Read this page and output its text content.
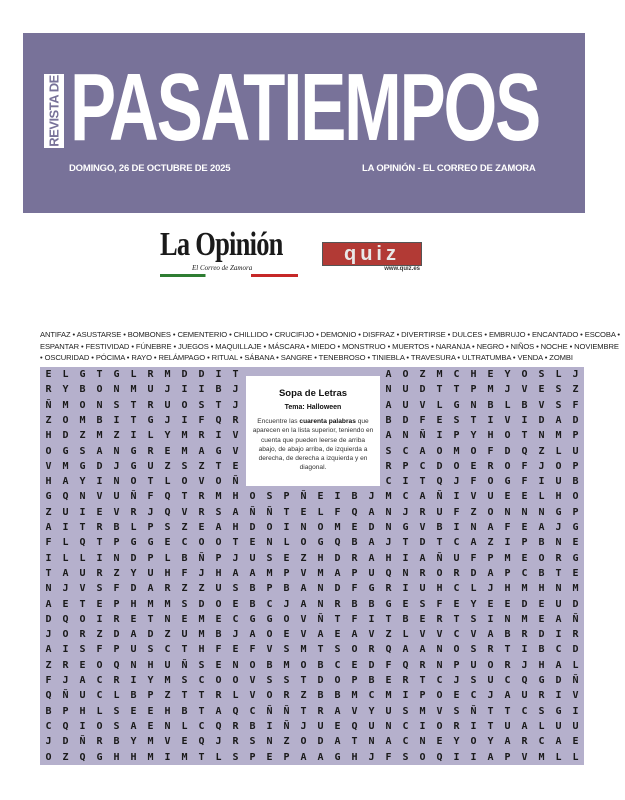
REVISTA DE PASATIEMPOS
DOMINGO, 26 DE OCTUBRE DE 2025	LA OPINIÓN - EL CORREO DE ZAMORA
La Opinión
El Correo de Zamora
quiz
www.quiz.es
ANTIFAZ • ASUSTARSE • BOMBONES • CEMENTERIO • CHILLIDO • CRUCIFIJO • DEMONIO • DISFRAZ • DIVERTIRSE • DULCES • EMBRUJO • ENCANTADO • ESCOBA •
ESPANTAR • FESTIVIDAD • FÚNEBRE • JUEGOS • MAQUILLAJE • MÁSCARA • MIEDO • MONSTRUO • MUERTOS • NARANJA • NEGRO • NIÑOS • NOCHE • NOVIEMBRE
• OSCURIDAD • PÓCIMA • RAYO • RELÁMPAGO • RITUAL • SÁBANA • SANGRE • TENEBROSO • TINIEBLA • TRAVESURA • ULTRATUMBA • VENDA • ZOMBI
E	L	G	T	G	L	R	M	D	D	I	T	A	O	Z	M	C	H	E	Y	O	S	L	J
R	Y	B	O	N	M	U	J	I	I	B	J	N	U	D	T	T	P	M	J	V	E	S	Z
Ñ	M	O	N	S	T	R	U	O	S	T	J	A	U	V	L	G	N	B	L	B	V	S	F
Z	O	M	B	I	T	G	J	I	F	Q	R	B	D	F	E	S	T	I	V	I	D	A	D
H	D	Z	M	Z	I	L	Y	M	R	I	V	A	N	Ñ	I	P	Y	H	O	T	N	M	P
O	G	S	A	N	G	R	E	M	A	G	V	S	C	A	O	M	O	F	D	Q	Z	L	U
V	M	G	D	J	G	U	Z	S	Z	T	E	R	P	C	D	O	E	R	O	F	J	O	P
H	A	Y	I	N	O	T	L	O	V	O	Ñ	C	I	T	Q	J	F	O	G	F	I	U	B
G	Q	N	V	U	Ñ	F	Q	T	R	M	H	O	S	P	Ñ	E	I	B	J	M	C	A	Ñ	I	V	U	E	E	L	H	O
Z	U	I	E	V	R	J	Q	V	R	S	A	Ñ	Ñ	T	E	L	F	Q	A	N	J	R	U	F	Z	O	N	N	N	G	P
A	I	T	R	B	L	P	S	Z	E	A	H	D	O	I	N	O	M	E	D	N	G	V	B	I	N	A	F	E	A	J	G
F	L	Q	T	P	G	G	E	C	O	O	T	E	N	L	O	G	Q	B	A	J	T	D	T	C	A	Z	I	P	B	N	E
I	L	L	I	N	D	P	L	B	Ñ	P	J	U	S	E	Z	H	D	R	A	H	I	A	Ñ	U	F	P	M	E	O	R	G
T	A	U	R	Z	Y	U	H	F	J	H	A	A	M	P	V	M	A	P	U	Q	N	R	O	R	D	A	P	C	B	T	E
N	J	V	S	F	D	A	R	Z	Z	U	S	B	P	B	A	N	D	F	G	R	I	U	H	C	L	J	H	M	H	N	M
A	E	T	E	P	H	M	M	S	D	O	E	B	C	J	A	N	R	B	B	G	E	S	F	E	Y	E	E	D	E	U	D
D	Q	O	I	R	E	T	N	E	M	E	C	G	G	O	V	Ñ	T	F	I	T	B	E	R	T	S	I	N	M	E	A	Ñ
J	O	R	Z	D	A	D	Z	U	M	B	J	A	O	E	V	A	E	A	V	Z	L	V	V	C	V	A	B	R	D	I	R
A	I	S	F	P	U	S	C	T	H	F	E	F	V	S	M	T	S	O	R	Q	A	A	N	O	S	R	T	I	B	C	D
Z	R	E	O	Q	N	H	U	Ñ	S	E	N	O	B	M	O	B	C	E	D	F	Q	R	N	P	U	O	R	J	H	A	L
F	J	A	C	R	I	Y	M	S	C	O	O	V	S	S	T	D	O	P	B	E	R	T	C	J	S	U	C	Q	G	D	Ñ
Q	Ñ	U	C	L	B	P	Z	T	T	R	L	V	O	R	Z	B	B	M	C	M	I	P	O	E	C	J	A	U	R	I	V
B	P	H	L	S	E	E	H	B	T	A	Q	C	Ñ	Ñ	T	R	A	V	Y	U	S	M	V	S	Ñ	T	T	C	S	G	I
C	Q	I	O	S	A	E	N	L	C	Q	R	B	I	Ñ	J	U	E	Q	U	N	C	I	O	R	I	T	U	A	L	U	U
J	D	Ñ	R	B	Y	M	V	E	Q	J	R	S	N	Z	O	D	A	T	N	A	C	N	E	Y	O	Y	A	R	C	A	E
O	Z	Q	G	H	H	M	I	M	T	L	S	P	E	P	A	A	G	H	J	F	S	O	Q	I	I	A	P	V	M	L	L
Sopa de Letras
Tema: Halloween
Encuentre las cuarenta palabras que aparecen en la lista superior, teniendo en cuenta que pueden leerse de arriba abajo, de abajo arriba, de izquierda a derecha, de derecha a izquierda y en diagonal.
